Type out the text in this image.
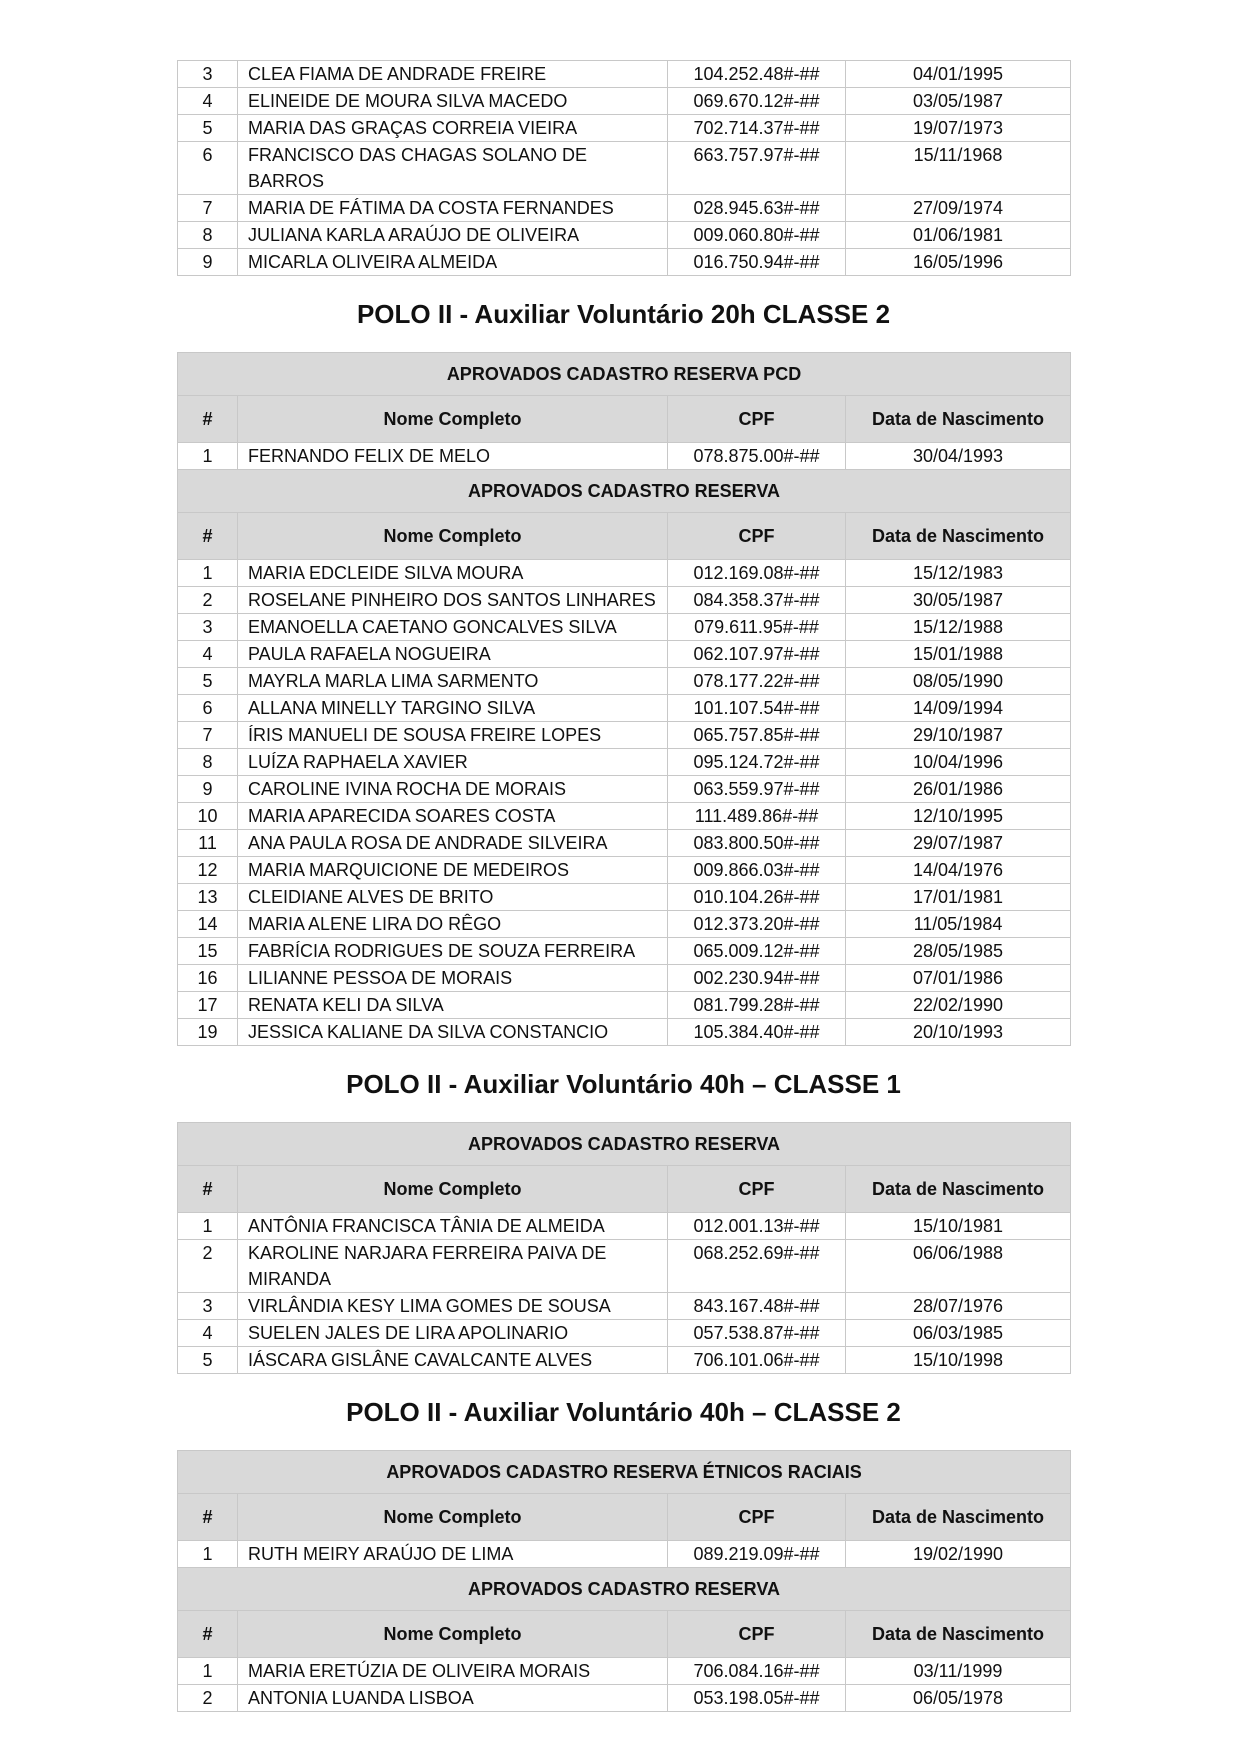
3	CLEA FIAMA DE ANDRADE FREIRE	104.252.48#-##	04/01/1995
4	ELINEIDE DE MOURA SILVA MACEDO	069.670.12#-##	03/05/1987
5	MARIA DAS GRAÇAS CORREIA VIEIRA	702.714.37#-##	19/07/1973
6	FRANCISCO DAS CHAGAS SOLANO DE BARROS	663.757.97#-##	15/11/1968
7	MARIA DE FÁTIMA DA COSTA FERNANDES	028.945.63#-##	27/09/1974
8	JULIANA KARLA ARAÚJO DE OLIVEIRA	009.060.80#-##	01/06/1981
9	MICARLA OLIVEIRA ALMEIDA	016.750.94#-##	16/05/1996
POLO II - Auxiliar Voluntário 20h CLASSE 2
APROVADOS CADASTRO RESERVA PCD			
#	Nome Completo	CPF	Data de Nascimento
1	FERNANDO FELIX DE MELO	078.875.00#-##	30/04/1993
APROVADOS CADASTRO RESERVA			
#	Nome Completo	CPF	Data de Nascimento
1	MARIA EDCLEIDE SILVA MOURA	012.169.08#-##	15/12/1983
2	ROSELANE PINHEIRO DOS SANTOS LINHARES	084.358.37#-##	30/05/1987
3	EMANOELLA CAETANO GONCALVES SILVA	079.611.95#-##	15/12/1988
4	PAULA RAFAELA NOGUEIRA	062.107.97#-##	15/01/1988
5	MAYRLA MARLA LIMA SARMENTO	078.177.22#-##	08/05/1990
6	ALLANA MINELLY TARGINO SILVA	101.107.54#-##	14/09/1994
7	ÍRIS MANUELI DE SOUSA FREIRE LOPES	065.757.85#-##	29/10/1987
8	LUÍZA RAPHAELA XAVIER	095.124.72#-##	10/04/1996
9	CAROLINE IVINA ROCHA DE MORAIS	063.559.97#-##	26/01/1986
10	MARIA APARECIDA SOARES COSTA	111.489.86#-##	12/10/1995
11	ANA PAULA ROSA DE ANDRADE SILVEIRA	083.800.50#-##	29/07/1987
12	MARIA MARQUICIONE DE MEDEIROS	009.866.03#-##	14/04/1976
13	CLEIDIANE ALVES DE BRITO	010.104.26#-##	17/01/1981
14	MARIA ALENE LIRA DO RÊGO	012.373.20#-##	11/05/1984
15	FABRÍCIA RODRIGUES DE SOUZA FERREIRA	065.009.12#-##	28/05/1985
16	LILIANNE PESSOA DE MORAIS	002.230.94#-##	07/01/1986
17	RENATA KELI DA SILVA	081.799.28#-##	22/02/1990
19	JESSICA KALIANE DA SILVA CONSTANCIO	105.384.40#-##	20/10/1993
POLO II - Auxiliar Voluntário 40h – CLASSE 1
APROVADOS CADASTRO RESERVA			
#	Nome Completo	CPF	Data de Nascimento
1	ANTÔNIA FRANCISCA TÂNIA DE ALMEIDA	012.001.13#-##	15/10/1981
2	KAROLINE NARJARA FERREIRA PAIVA DE MIRANDA	068.252.69#-##	06/06/1988
3	VIRLÂNDIA KESY LIMA GOMES DE SOUSA	843.167.48#-##	28/07/1976
4	SUELEN JALES DE LIRA APOLINARIO	057.538.87#-##	06/03/1985
5	IÁSCARA GISLÂNE CAVALCANTE ALVES	706.101.06#-##	15/10/1998
POLO II - Auxiliar Voluntário 40h – CLASSE 2
APROVADOS CADASTRO RESERVA ÉTNICOS RACIAIS			
#	Nome Completo	CPF	Data de Nascimento
1	RUTH MEIRY ARAÚJO DE LIMA	089.219.09#-##	19/02/1990
APROVADOS CADASTRO RESERVA			
#	Nome Completo	CPF	Data de Nascimento
1	MARIA ERETÚZIA DE OLIVEIRA MORAIS	706.084.16#-##	03/11/1999
2	ANTONIA LUANDA LISBOA	053.198.05#-##	06/05/1978
